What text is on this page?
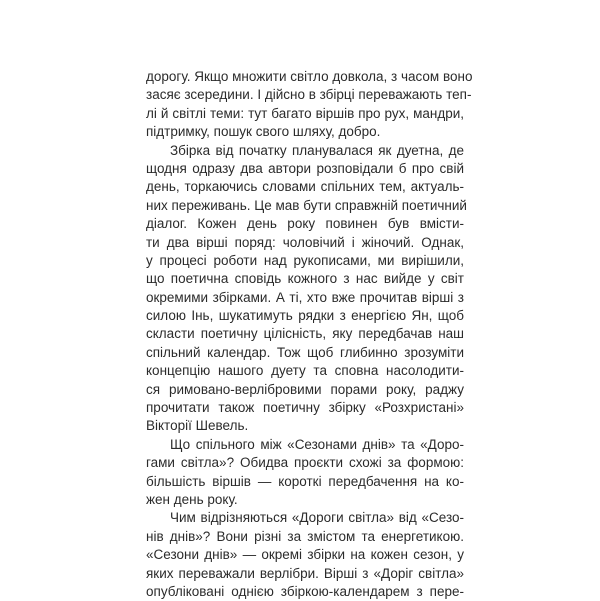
дорогу. Якщо множити світло довкола, з часом воно
засяє зсередини. І дійсно в збірці переважають теп-
лі й світлі теми: тут багато віршів про рух, мандри,
підтримку, пошук свого шляху, добро.
Збірка від початку планувалася як дуетна, де
щодня одразу два автори розповідали б про свій
день, торкаючись словами спільних тем, актуаль-
них переживань. Це мав бути справжній поетичний
діалог. Кожен день року повинен був вмісти-
ти два вірші поряд: чоловічий і жіночий. Однак,
у процесі роботи над рукописами, ми вирішили,
що поетична сповідь кожного з нас вийде у світ
окремими збірками. А ті, хто вже прочитав вірші з
силою Інь, шукатимуть рядки з енергією Ян, щоб
скласти поетичну цілісність, яку передбачав наш
спільний календар. Тож щоб глибинно зрозуміти
концепцію нашого дуету та сповна насолодити-
ся римовано-верлібровими порами року, раджу
прочитати також поетичну збірку «Розхристані»
Вікторії Шевель.
Що спільного між «Сезонами днів» та «Доро-
гами світла»? Обидва проєкти схожі за формою:
більшість віршів — короткі передбачення на ко-
жен день року.
Чим відрізняються «Дороги світла» від «Сезо-
нів днів»? Вони різні за змістом та енергетикою.
«Сезони днів» — окремі збірки на кожен сезон, у
яких переважали верлібри. Вірші з «Доріг світла»
опубліковані однією збіркою-календарем з пере-
